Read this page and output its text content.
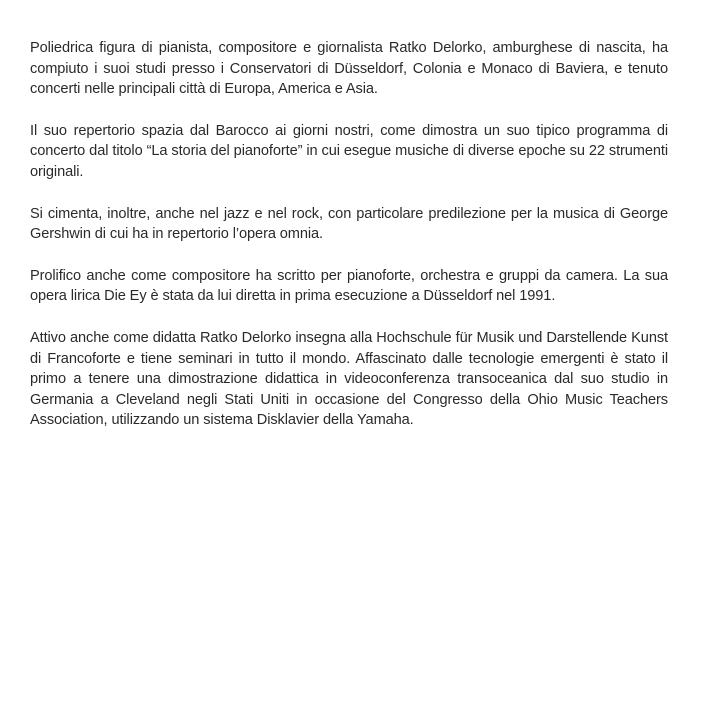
Poliedrica figura di pianista, compositore e giornalista Ratko Delorko, amburghese di nascita, ha compiuto i suoi studi presso i Conservatori di Düsseldorf, Colonia e Monaco di Baviera, e tenuto concerti nelle principali città di Europa, America e Asia.

Il suo repertorio spazia dal Barocco ai giorni nostri, come dimostra un suo tipico programma di concerto dal titolo “La storia del pianoforte” in cui esegue musiche di diverse epoche su 22 strumenti originali.

Si cimenta, inoltre, anche nel jazz e nel rock, con particolare predilezione per la musica di George Gershwin di cui ha in repertorio l’opera omnia.

Prolifico anche come compositore ha scritto per pianoforte, orchestra e gruppi da camera. La sua opera lirica Die Ey è stata da lui diretta in prima esecuzione a Düsseldorf nel 1991.

Attivo anche come didatta Ratko Delorko insegna alla Hochschule für Musik und Darstellende Kunst di Francoforte e tiene seminari in tutto il mondo. Affascinato dalle tecnologie emergenti è stato il primo a tenere una dimostrazione didattica in videoconferenza transoceanica dal suo studio in Germania a Cleveland negli Stati Uniti in occasione del Congresso della Ohio Music Teachers Association, utilizzando un sistema Disklavier della Yamaha.
